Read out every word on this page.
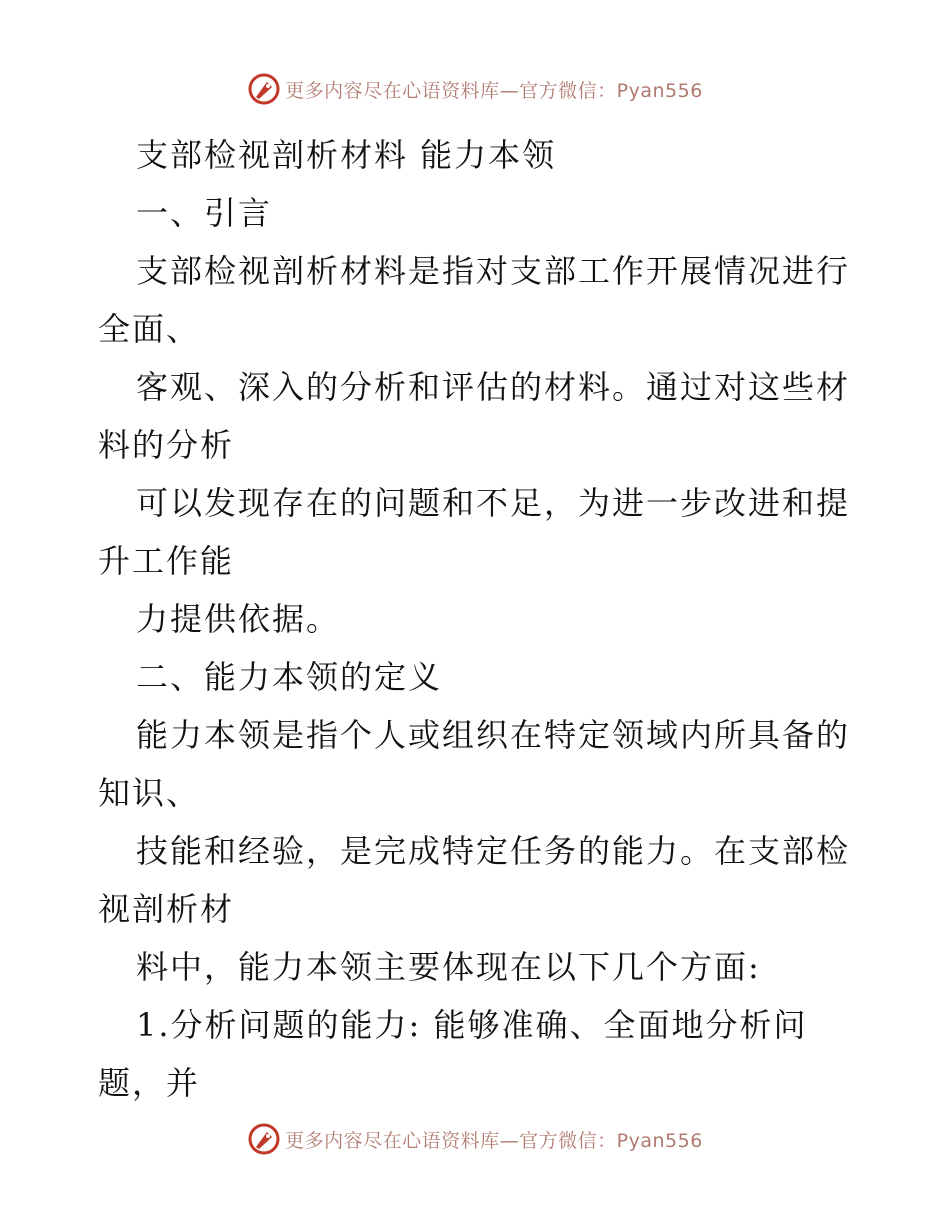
更多内容尽在心语资料库—官方微信：Pyan556

支部检视剖析材料 能力本领

一、引言

支部检视剖析材料是指对支部工作开展情况进行

全面、

客观、深入的分析和评估的材料。通过对这些材

料的分析

可以发现存在的问题和不足，为进一步改进和提

升工作能

力提供依据。

二、能力本领的定义

能力本领是指个人或组织在特定领域内所具备的

知识、

技能和经验，是完成特定任务的能力。在支部检

视剖析材

料中，能力本领主要体现在以下几个方面:

1.分析问题的能力: 能够准确、全面地分析问

题，并

更多内容尽在心语资料库—官方微信：Pyan556
